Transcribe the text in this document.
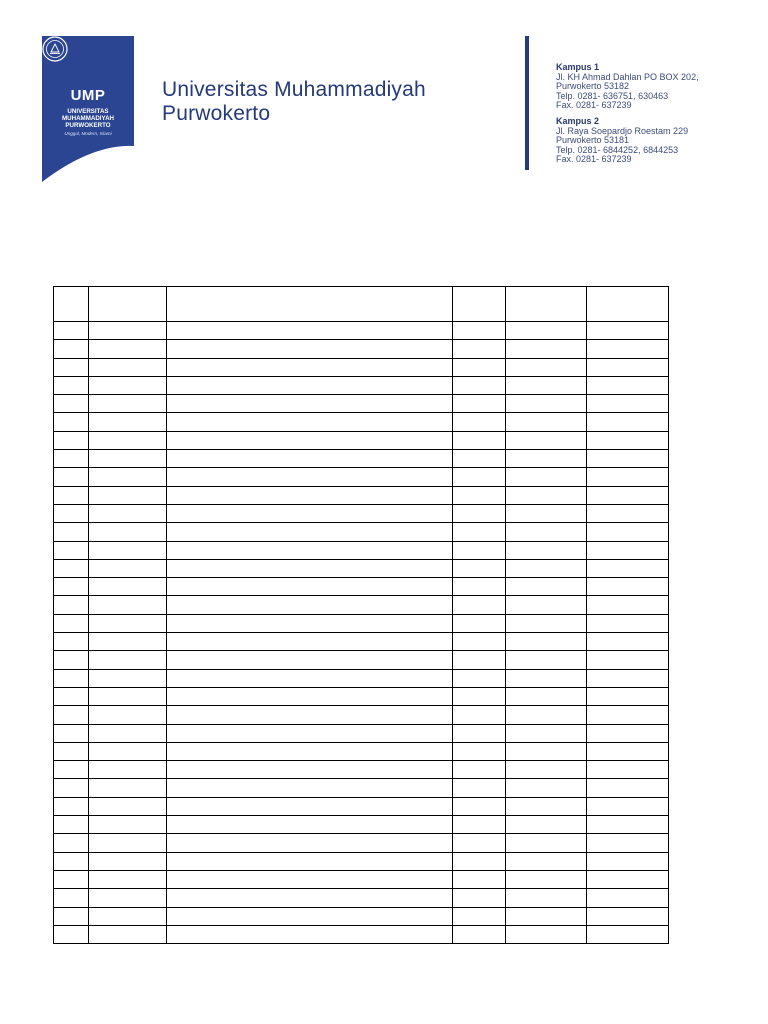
UMP
UNIVERSITAS
MUHAMMADIYAH
PURWOKERTO
Unggul, Modern, Islami
Universitas Muhammadiyah
Purwokerto
Kampus 1
Jl. KH Ahmad Dahlan PO BOX 202,
Purwokerto 53182
Telp. 0281- 636751, 630463
Fax. 0281- 637239
Kampus 2
Jl. Raya Soepardjo Roestam 229
Purwokerto 53181
Telp. 0281- 6844252, 6844253
Fax. 0281- 637239
